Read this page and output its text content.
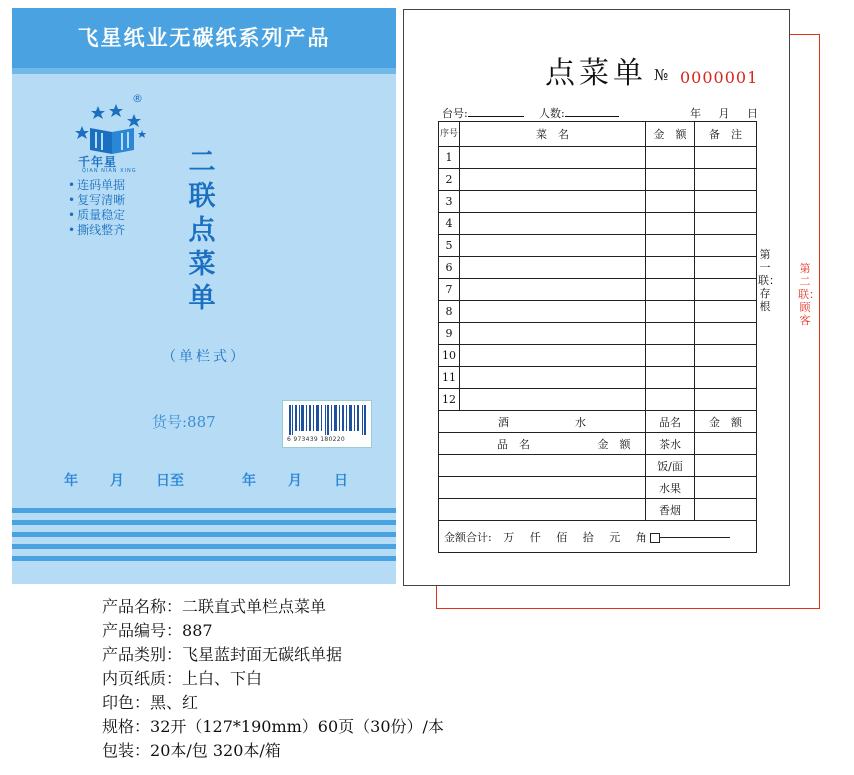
飞星纸业无碳纸系列产品
®
千年星
QIAN NIAN XING
• 连码单据
• 复写清晰
• 质量稳定
• 撕线整齐
二
联
点
菜
单
（单栏式）
货号:887
6 973439 180220
年 月 日至	年 月 日
第二联：顾客
点菜单 № 0000001
台号:	人数:	年 月 日
第一联：存根
序号	菜　名	金　额	备　注
1			
2			
3			
4			
5			
6			
7			
8			
9			
10			
11			
12			
酒　　　　　　水		品名	金　额
品　名 金　额		茶水	
		饭/面	
		水果	
		香烟	
金额合计: 万 仟 佰 拾 元 角			
产品名称：二联直式单栏点菜单
产品编号：887
产品类别：飞星蓝封面无碳纸单据
内页纸质：上白、下白
印色：黑、红
规格：32开（127*190mm）60页（30份）/本
包装：20本/包 320本/箱
